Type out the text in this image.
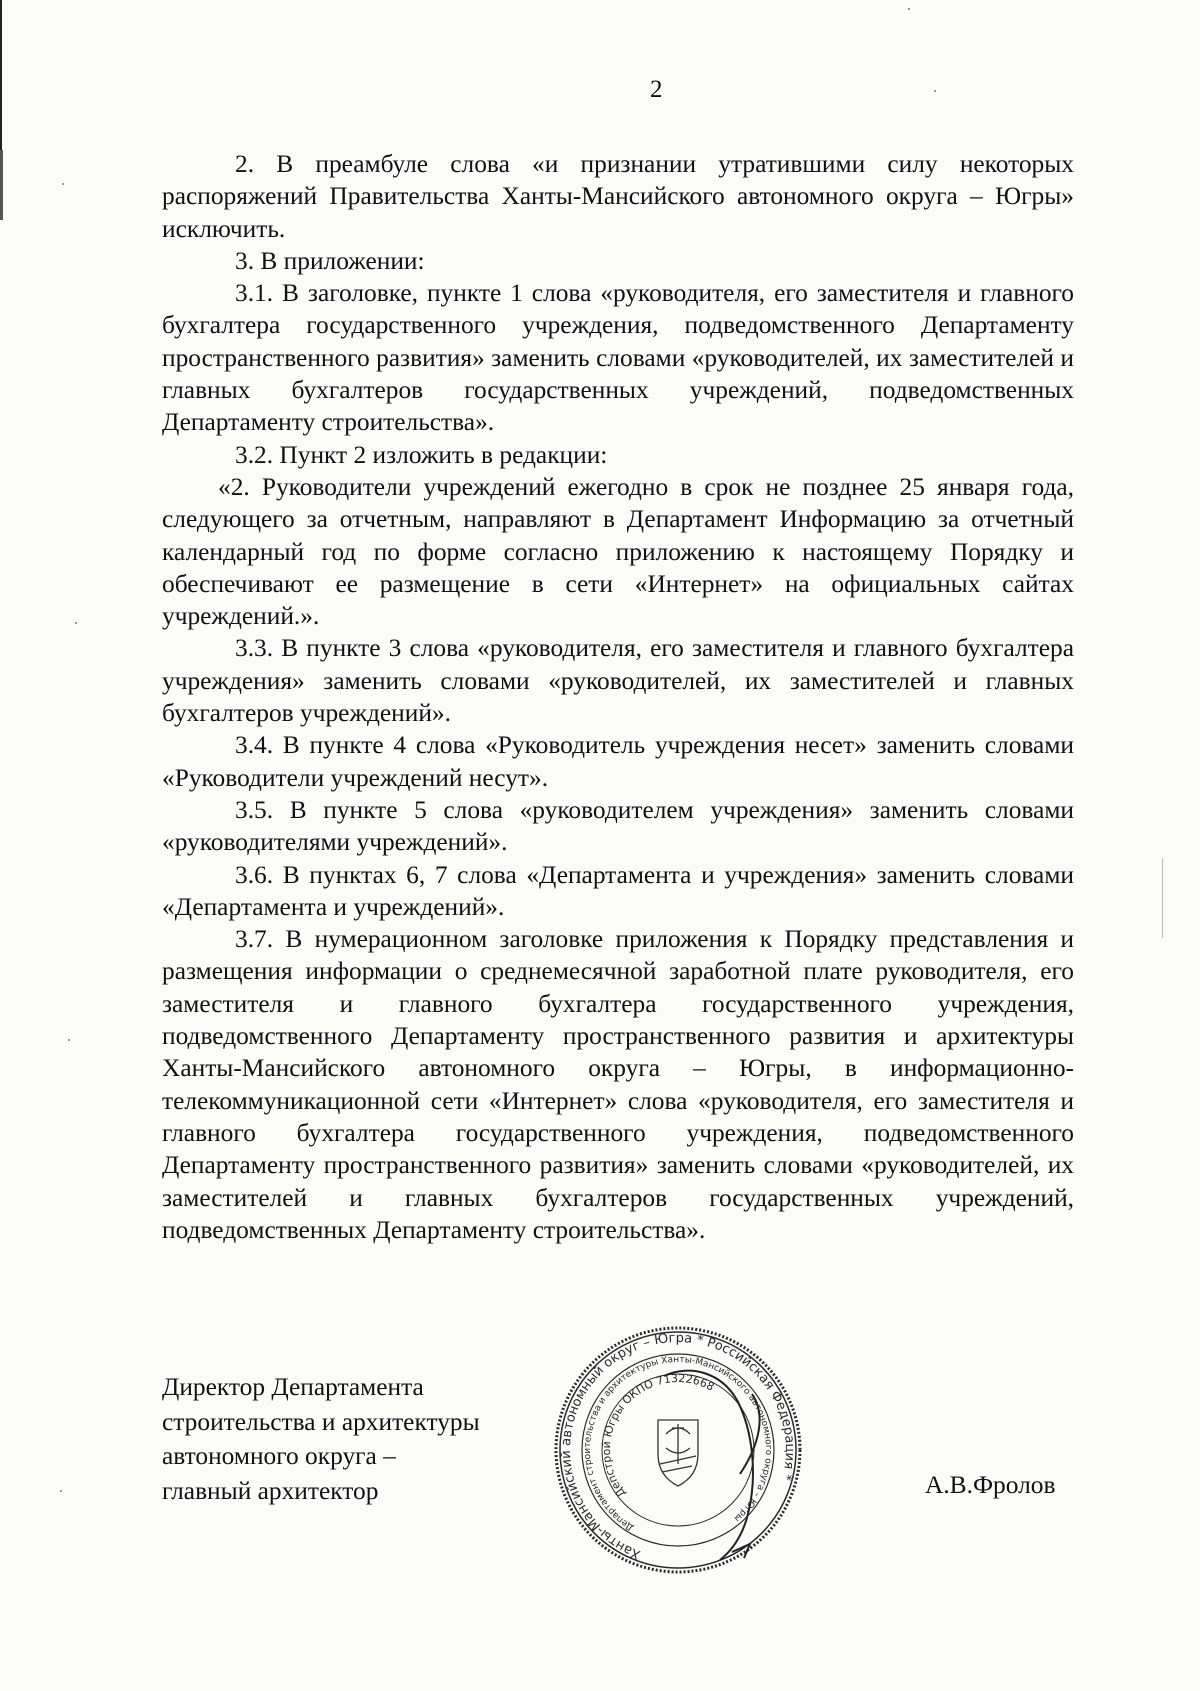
2

2. В преамбуле слова «и признании утратившими силу некоторых распоряжений Правительства Ханты-Мансийского автономного округа – Югры» исключить.

3. В приложении:

3.1. В заголовке, пункте 1 слова «руководителя, его заместителя и главного бухгалтера государственного учреждения, подведомственного Департаменту пространственного развития» заменить словами «руководителей, их заместителей и главных бухгалтеров государственных учреждений, подведомственных Департаменту строительства».

3.2. Пункт 2 изложить в редакции:

«2. Руководители учреждений ежегодно в срок не позднее 25 января года, следующего за отчетным, направляют в Департамент Информацию за отчетный календарный год по форме согласно приложению к настоящему Порядку и обеспечивают ее размещение в сети «Интернет» на официальных сайтах учреждений.».

3.3. В пункте 3 слова «руководителя, его заместителя и главного бухгалтера учреждения» заменить словами «руководителей, их заместителей и главных бухгалтеров учреждений».

3.4. В пункте 4 слова «Руководитель учреждения несет» заменить словами «Руководители учреждений несут».

3.5. В пункте 5 слова «руководителем учреждения» заменить словами «руководителями учреждений».

3.6. В пунктах 6, 7 слова «Департамента и учреждения» заменить словами «Департамента и учреждений».

3.7. В нумерационном заголовке приложения к Порядку представления и размещения информации о среднемесячной заработной плате руководителя, его заместителя и главного бухгалтера государственного учреждения, подведомственного Департаменту пространственного развития и архитектуры Ханты-Мансийского автономного округа – Югры, в информационно-телекоммуникационной сети «Интернет» слова «руководителя, его заместителя и главного бухгалтера государственного учреждения, подведомственного Департаменту пространственного развития» заменить словами «руководителей, их заместителей и главных бухгалтеров государственных учреждений, подведомственных Департаменту строительства».

Директор Департамента
строительства и архитектуры
автономного округа –
главный архитектор
Ханты-Мансийский автономный округ – Югра * Российская Федерация *
Департамент строительства и архитектуры Ханты-Мансийского автономного округа – Югры
Депстрой Югры ОКПО 71322668
А.В.Фролов
